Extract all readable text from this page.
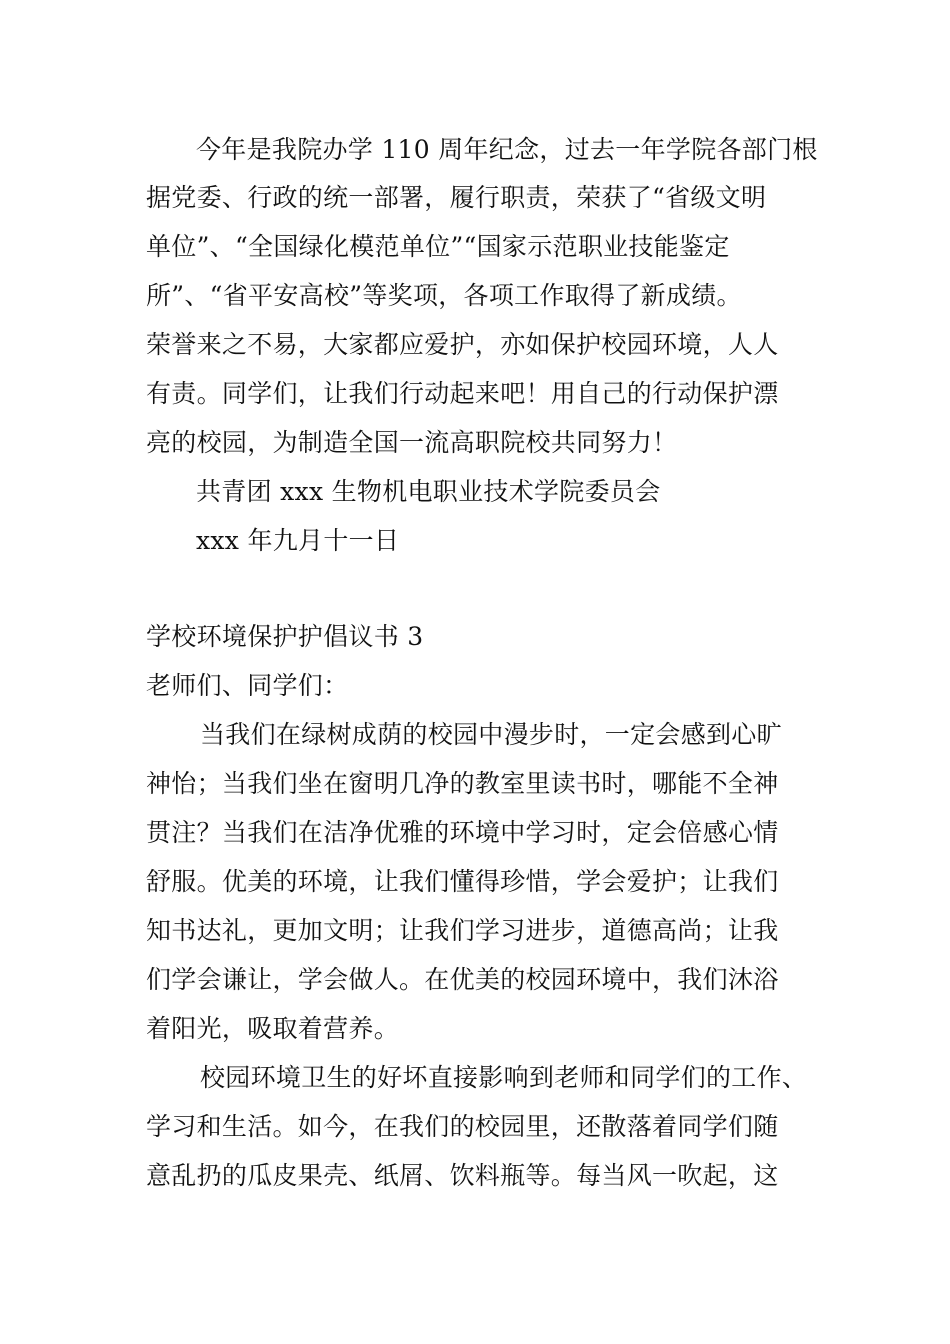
今年是我院办学 110 周年纪念，过去一年学院各部门根
据党委、行政的统一部署，履行职责，荣获了“省级文明
单位”、“全国绿化模范单位”“国家示范职业技能鉴定
所”、“省平安高校”等奖项，各项工作取得了新成绩。
荣誉来之不易，大家都应爱护，亦如保护校园环境，人人
有责。同学们，让我们行动起来吧！用自己的行动保护漂
亮的校园，为制造全国一流高职院校共同努力！
共青团 xxx 生物机电职业技术学院委员会
xxx 年九月十一日
学校环境保护护倡议书 3
老师们、同学们：
当我们在绿树成荫的校园中漫步时，一定会感到心旷
神怡；当我们坐在窗明几净的教室里读书时，哪能不全神
贯注？当我们在洁净优雅的环境中学习时，定会倍感心情
舒服。优美的环境，让我们懂得珍惜，学会爱护；让我们
知书达礼，更加文明；让我们学习进步，道德高尚；让我
们学会谦让，学会做人。在优美的校园环境中，我们沐浴
着阳光，吸取着营养。
校园环境卫生的好坏直接影响到老师和同学们的工作、
学习和生活。如今，在我们的校园里，还散落着同学们随
意乱扔的瓜皮果壳、纸屑、饮料瓶等。每当风一吹起，这
